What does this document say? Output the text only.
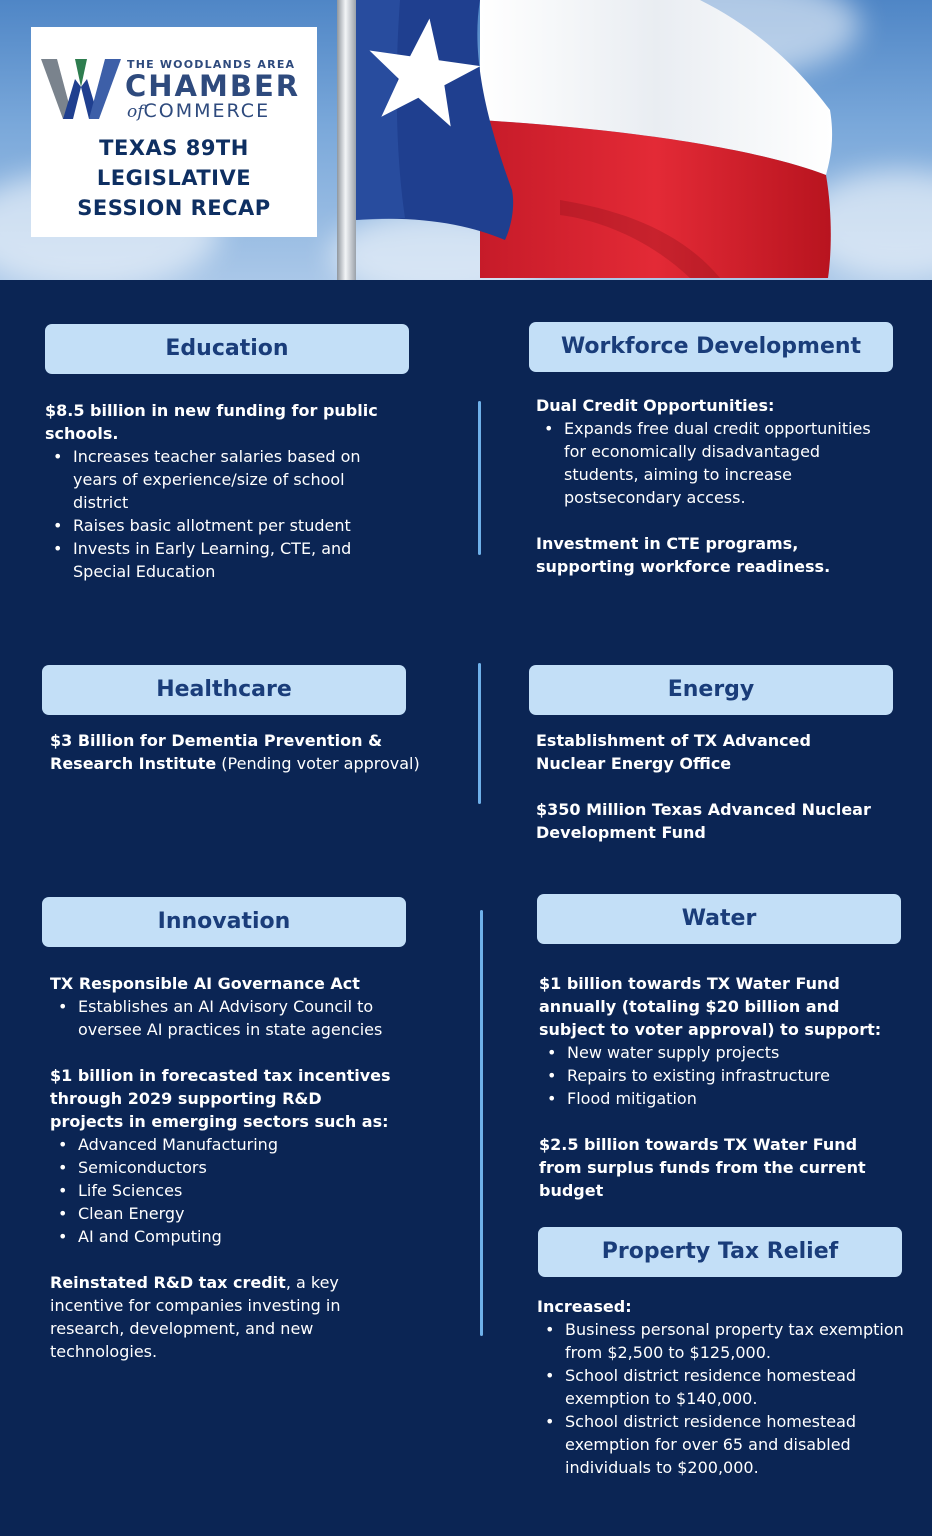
THE WOODLANDS AREA
CHAMBER
ofCOMMERCE
TEXAS 89TH
LEGISLATIVE
SESSION RECAP
Education

$8.5 billion in new funding for public schools.

• Increases teacher salaries based on years of experience/size of school district
• Raises basic allotment per student
• Invests in Early Learning, CTE, and Special Education
Workforce Development

Dual Credit Opportunities:

• Expands free dual credit opportunities for economically disadvantaged students, aiming to increase postsecondary access.

Investment in CTE programs, supporting workforce readiness.

Healthcare

$3 Billion for Dementia Prevention & Research Institute (Pending voter approval)

Energy

Establishment of TX Advanced Nuclear Energy Office

$350 Million Texas Advanced Nuclear Development Fund

Innovation

TX Responsible AI Governance Act

• Establishes an AI Advisory Council to oversee AI practices in state agencies

$1 billion in forecasted tax incentives through 2029 supporting R&D projects in emerging sectors such as:

• Advanced Manufacturing
• Semiconductors
• Life Sciences
• Clean Energy
• AI and Computing

Reinstated R&D tax credit, a key incentive for companies investing in research, development, and new technologies.

Water

$1 billion towards TX Water Fund annually (totaling $20 billion and subject to voter approval) to support:

• New water supply projects
• Repairs to existing infrastructure
• Flood mitigation

$2.5 billion towards TX Water Fund from surplus funds from the current budget

Property Tax Relief

Increased:

• Business personal property tax exemption from $2,500 to $125,000.
• School district residence homestead exemption to $140,000.
• School district residence homestead exemption for over 65 and disabled individuals to $200,000.
